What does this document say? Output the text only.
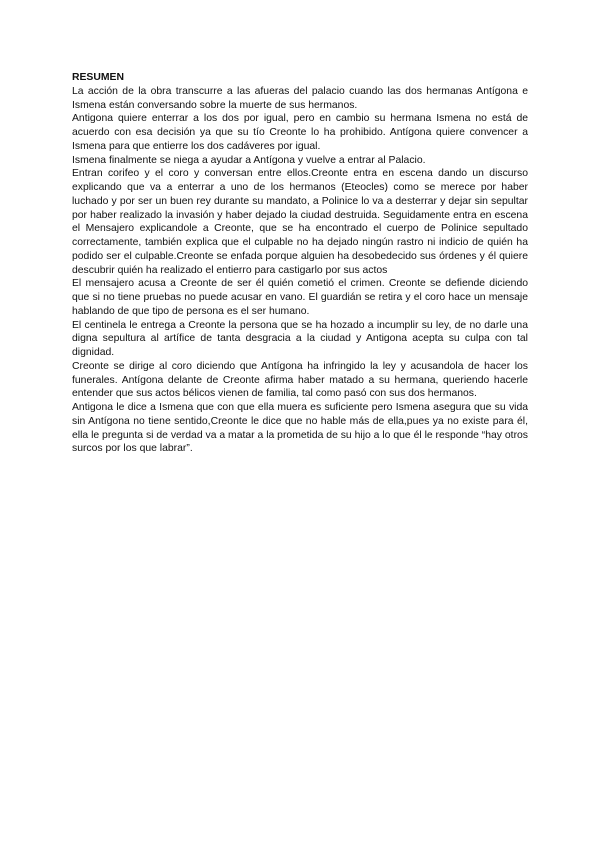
RESUMEN

La acción de la obra transcurre a las afueras del palacio cuando las dos hermanas Antígona e Ismena están conversando sobre la muerte de sus hermanos.

Antigona quiere enterrar a los dos por igual, pero en cambio su hermana Ismena no está de acuerdo con esa decisión ya que su tío Creonte lo ha prohibido. Antígona quiere convencer a Ismena para que entierre los dos cadáveres por igual.

Ismena finalmente se niega a ayudar a Antígona y vuelve a entrar al Palacio.

Entran corifeo y el coro y conversan entre ellos.Creonte entra en escena dando un discurso explicando que va a enterrar a uno de los hermanos (Eteocles) como se merece por haber luchado y por ser un buen rey durante su mandato, a Polinice lo va a desterrar y dejar sin sepultar por haber realizado la invasión y haber dejado la ciudad destruida. Seguidamente entra en escena el Mensajero explicandole a Creonte, que se ha encontrado el cuerpo de Polinice sepultado correctamente, también explica que el culpable no ha dejado ningún rastro ni indicio de quién ha podido ser el culpable.Creonte se enfada porque alguien ha desobedecido sus órdenes y él quiere descubrir quién ha realizado el entierro para castigarlo por sus actos

El mensajero acusa a Creonte de ser él quién cometió el crimen. Creonte se defiende diciendo que si no tiene pruebas no puede acusar en vano. El guardián se retira y el coro hace un mensaje hablando de que tipo de persona es el ser humano.

El centinela le entrega a Creonte la persona que se ha hozado a incumplir su ley, de no darle una digna sepultura al artífice de tanta desgracia a la ciudad y Antigona acepta su culpa con tal dignidad.

Creonte se dirige al coro diciendo que Antígona ha infringido la ley y acusandola de hacer los funerales. Antígona delante de Creonte afirma haber matado a su hermana, queriendo hacerle entender que sus actos bélicos vienen de familia, tal como pasó con sus dos hermanos.

Antigona le dice a Ismena que con que ella muera es suficiente pero Ismena asegura que su vida sin Antígona no tiene sentido,Creonte le dice que no hable más de ella,pues ya no existe para él, ella le pregunta si de verdad va a matar a la prometida de su hijo a lo que él le responde “hay otros surcos por los que labrar”.
